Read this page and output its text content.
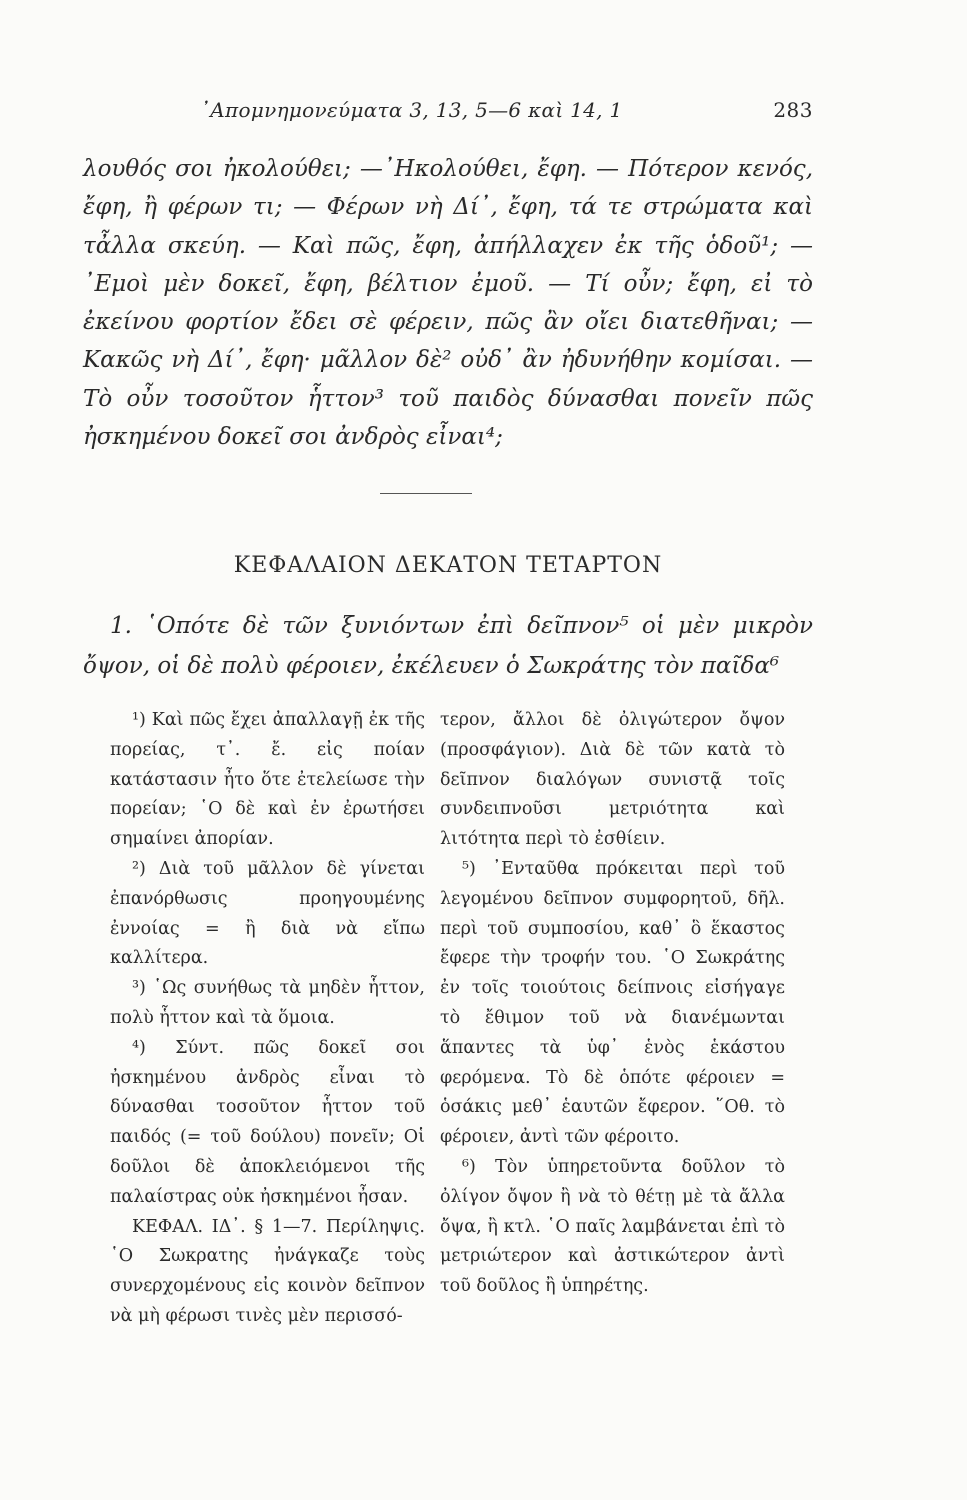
᾽Απομνημονεύματα 3, 13, 5—6 καὶ 14, 1	283

λουθός σοι ἠκολούθει; —᾽Ηκολούθει, ἔφη. — Πότερον κενός, ἔφη, ἢ φέρων τι; — Φέρων νὴ Δί᾽, ἔφη, τά τε στρώματα καὶ τἆλλα σκεύη. — Καὶ πῶς, ἔφη, ἀπήλλαχεν ἐκ τῆς ὁδοῦ¹; — ᾽Εμοὶ μὲν δοκεῖ, ἔφη, βέλτιον ἐμοῦ. — Τί οὖν; ἔφη, εἰ τὸ ἐκείνου φορτίον ἔδει σὲ φέρειν, πῶς ἂν οἴει διατεθῆναι; — Κακῶς νὴ Δί᾽, ἔφη· μᾶλλον δὲ² οὐδ᾽ ἂν ἠδυνήθην κομίσαι. — Τὸ οὖν τοσοῦτον ἧττον³ τοῦ παιδὸς δύνασθαι πονεῖν πῶς ἠσκημένου δοκεῖ σοι ἀνδρὸς εἶναι⁴;

ΚΕΦΑΛΑΙΟΝ ΔΕΚΑΤΟΝ ΤΕΤΑΡΤΟΝ

1. ῾Οπότε δὲ τῶν ξυνιόντων ἐπὶ δεῖπνον⁵ οἱ μὲν μικρὸν ὄψον, οἱ δὲ πολὺ φέροιεν, ἐκέλευεν ὁ Σωκράτης τὸν παῖδα⁶

¹) Καὶ πῶς ἔχει ἀπαλλαγῇ ἐκ τῆς πορείας, τ᾽. ἔ. εἰς ποίαν κατάστασιν ἦτο ὅτε ἐτελείωσε τὴν πορείαν; ῾Ο δὲ καὶ ἐν ἐρωτήσει σημαίνει ἀπορίαν.

²) Διὰ τοῦ μᾶλλον δὲ γίνεται ἐπανόρθωσις προηγουμένης ἐννοίας = ἢ διὰ νὰ εἴπω καλλίτερα.

³) ῾Ως συνήθως τὰ μηδὲν ἧττον, πολὺ ἧττον καὶ τὰ ὅμοια.

⁴) Σύντ. πῶς δοκεῖ σοι ἠσκημένου ἀνδρὸς εἶναι τὸ δύνασθαι τοσοῦτον ἧττον τοῦ παιδός (= τοῦ δούλου) πονεῖν; Οἱ δοῦλοι δὲ ἀποκλειόμενοι τῆς παλαίστρας οὐκ ἠσκημένοι ἦσαν.

ΚΕΦΑΛ. ΙΔ᾽. § 1—7. Περίληψις. ῾Ο Σωκρατης ἠνάγκαζε τοὺς συνερχομένους εἰς κοινὸν δεῖπνον νὰ μὴ φέρωσι τινὲς μὲν περισσό-

τερον, ἄλλοι δὲ ὀλιγώτερον ὄψον (προσφάγιον). Διὰ δὲ τῶν κατὰ τὸ δεῖπνον διαλόγων συνιστᾷ τοῖς συνδειπνοῦσι μετριότητα καὶ λιτότητα περὶ τὸ ἐσθίειν.

⁵) ᾽Ενταῦθα πρόκειται περὶ τοῦ λεγομένου δεῖπνον συμφορητοῦ, δῆλ. περὶ τοῦ συμποσίου, καθ᾽ ὃ ἕκαστος ἔφερε τὴν τροφήν του. ῾Ο Σωκράτης ἐν τοῖς τοιούτοις δείπνοις εἰσήγαγε τὸ ἔθιμον τοῦ νὰ διανέμωνται ἅπαντες τὰ ὑφ᾽ ἑνὸς ἑκάστου φερόμενα. Τὸ δὲ ὁπότε φέροιεν = ὁσάκις μεθ᾽ ἑαυτῶν ἔφερον. ῞Οθ. τὸ φέροιεν, ἀντὶ τῶν φέροιτο.

⁶) Τὸν ὑπηρετοῦντα δοῦλον τὸ ὀλίγον ὄψον ἢ νὰ τὸ θέτῃ μὲ τὰ ἄλλα ὄψα, ἢ κτλ. ῾Ο παῖς λαμβάνεται ἐπὶ τὸ μετριώτερον καὶ ἀστικώτερον ἀντὶ τοῦ δοῦλος ἢ ὑπηρέτης.
